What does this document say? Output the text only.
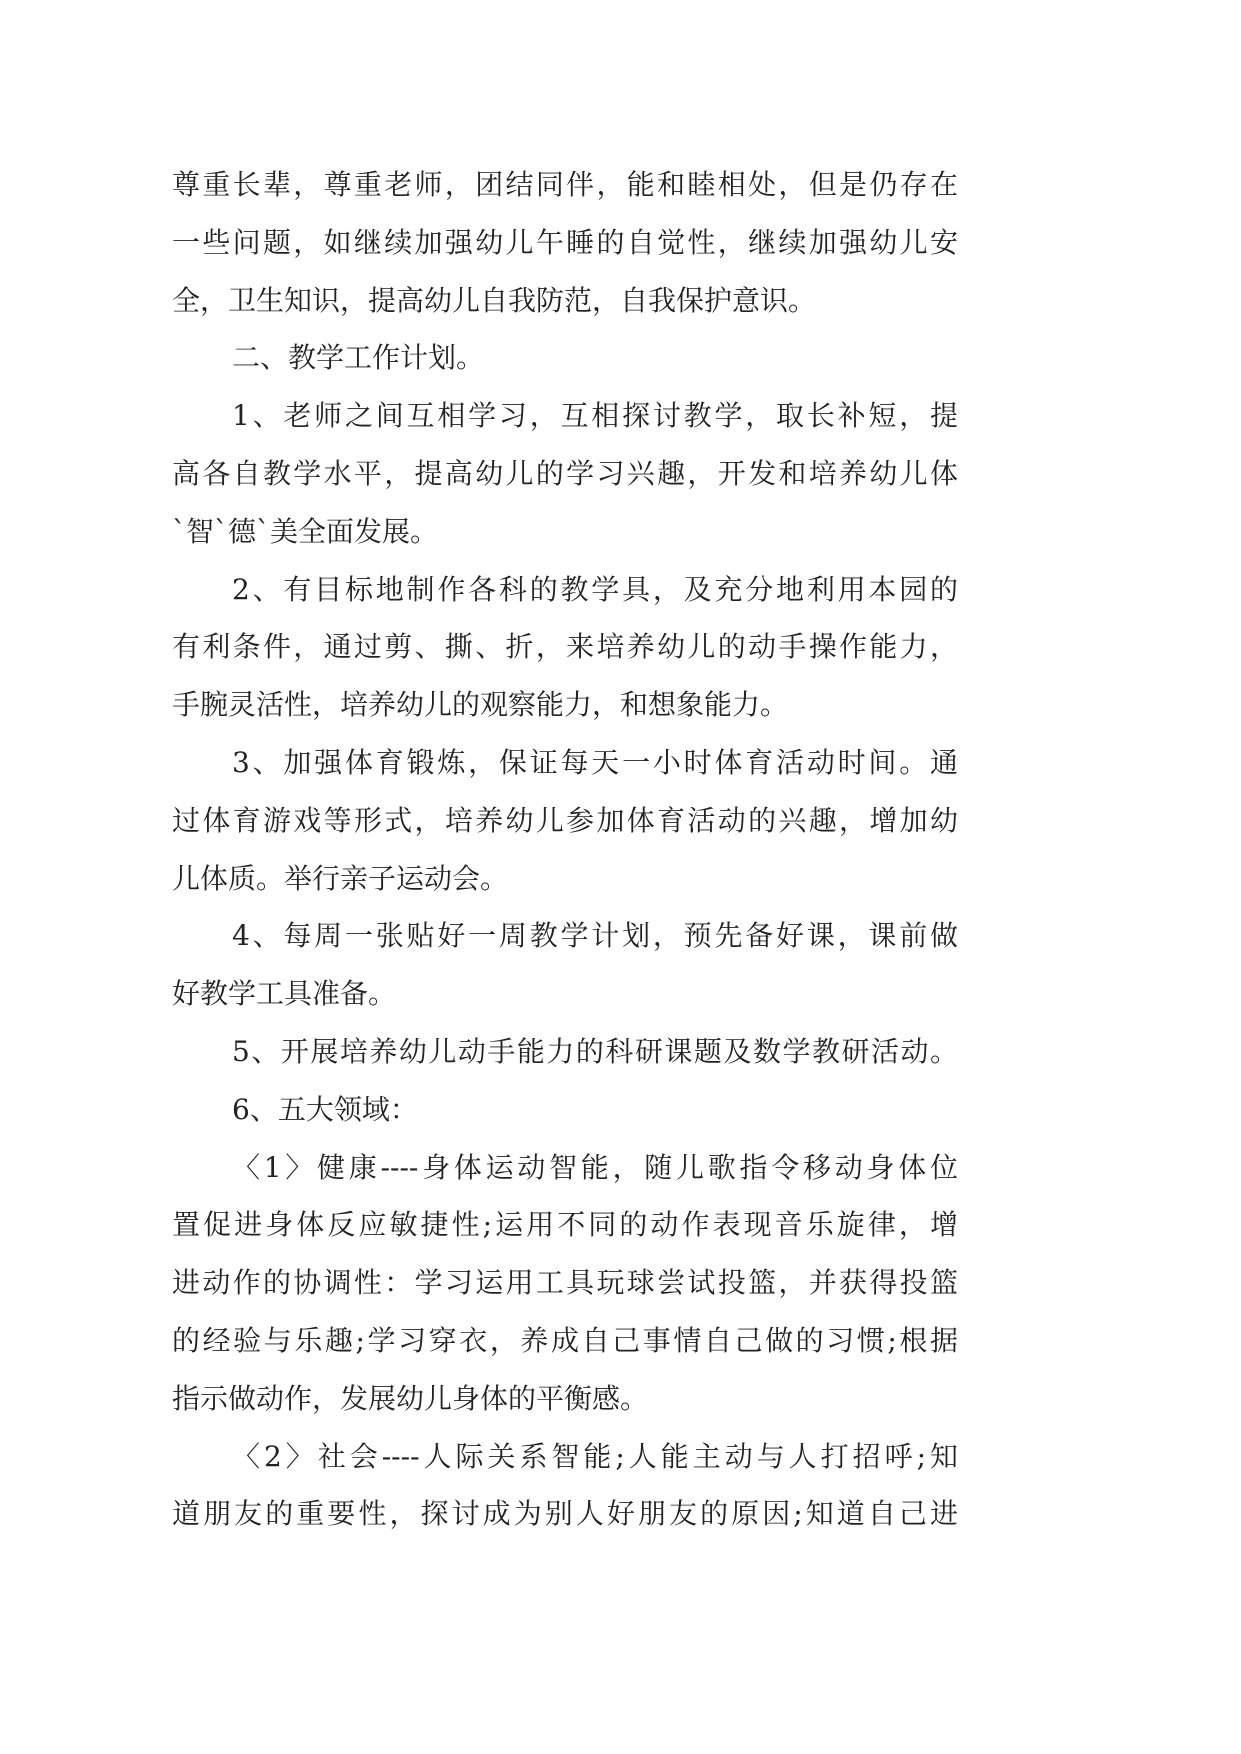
尊重长辈，尊重老师，团结同伴，能和睦相处，但是仍存在
一些问题，如继续加强幼儿午睡的自觉性，继续加强幼儿安
全，卫生知识，提高幼儿自我防范，自我保护意识。
二、教学工作计划。
1、老师之间互相学习，互相探讨教学，取长补短，提
高各自教学水平，提高幼儿的学习兴趣，开发和培养幼儿体
`智`德`美全面发展。
2、有目标地制作各科的教学具，及充分地利用本园的
有利条件，通过剪、撕、折，来培养幼儿的动手操作能力，
手腕灵活性，培养幼儿的观察能力，和想象能力。
3、加强体育锻炼，保证每天一小时体育活动时间。通
过体育游戏等形式，培养幼儿参加体育活动的兴趣，增加幼
儿体质。举行亲子运动会。
4、每周一张贴好一周教学计划，预先备好课，课前做
好教学工具准备。
5、开展培养幼儿动手能力的科研课题及数学教研活动。
6、五大领域：
〈1〉健康----身体运动智能，随儿歌指令移动身体位
置促进身体反应敏捷性;运用不同的动作表现音乐旋律，增
进动作的协调性：学习运用工具玩球尝试投篮，并获得投篮
的经验与乐趣;学习穿衣，养成自己事情自己做的习惯;根据
指示做动作，发展幼儿身体的平衡感。
〈2〉社会----人际关系智能;人能主动与人打招呼;知
道朋友的重要性，探讨成为别人好朋友的原因;知道自己进
